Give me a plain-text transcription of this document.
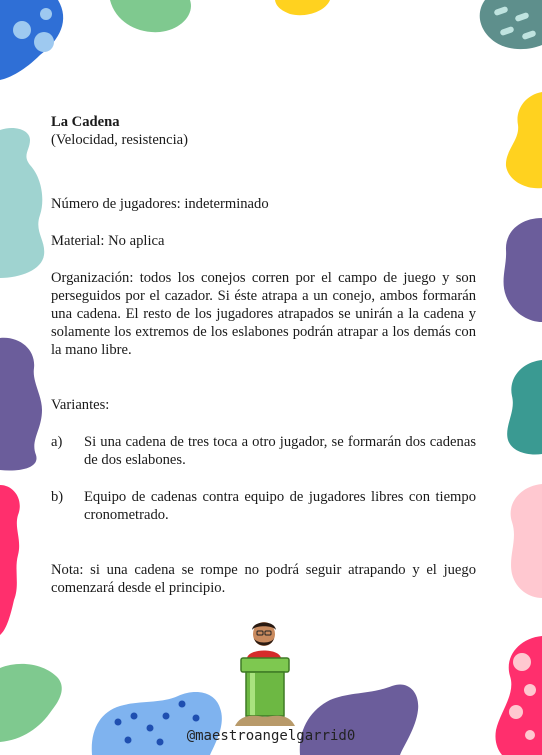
La Cadena

(Velocidad, resistencia)

Número de jugadores: indeterminado

Material: No aplica

Organización: todos los conejos corren por el campo de juego y son perseguidos por el cazador. Si éste atrapa a un conejo, ambos formarán una cadena. El resto de los jugadores atrapados se unirán a la cadena y solamente los extremos de los eslabones podrán atrapar a los demás con la mano libre.

Variantes:

a)	Si una cadena de tres toca a otro jugador, se formarán dos cadenas de dos eslabones.
b)	Equipo de cadenas contra equipo de jugadores libres con tiempo cronometrado.

Nota: si una cadena se rompe no podrá seguir atrapando y el juego comenzará desde el principio.

@maestroangelgarrid0
